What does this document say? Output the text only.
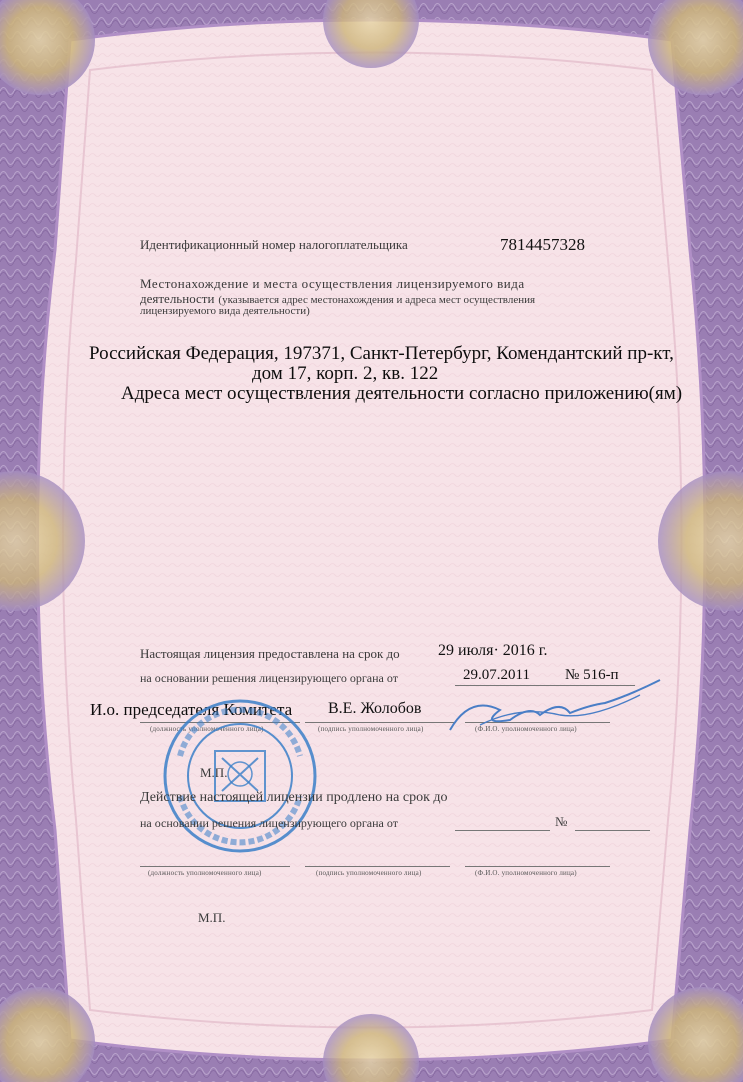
Идентификационный номер налогоплательщика	7814457328
Местонахождение и места осуществления лицензируемого вида
деятельности (указывается адрес местонахождения и адреса мест осуществления
лицензируемого вида деятельности)
Российская Федерация, 197371, Санкт-Петербург, Комендантский пр-кт,
дом 17, корп. 2, кв. 122
Адреса мест осуществления деятельности согласно приложению(ям)
Настоящая лицензия предоставлена на срок до 29 июля· 2016 г.
на основании решения лицензирующего органа от	29.07.2011 № 516-п
И.о. председателя Комитета В.Е. Жолобов
(должность уполномоченного лица)	(подпись уполномоченного лица)	(Ф.И.О. уполномоченного лица)
М.П.
Действие настоящей лицензии продлено на срок до
на основании решения лицензирующего органа от	№
(должность уполномоченного лица)	(подпись уполномоченного лица)	(Ф.И.О. уполномоченного лица)
М.П.
